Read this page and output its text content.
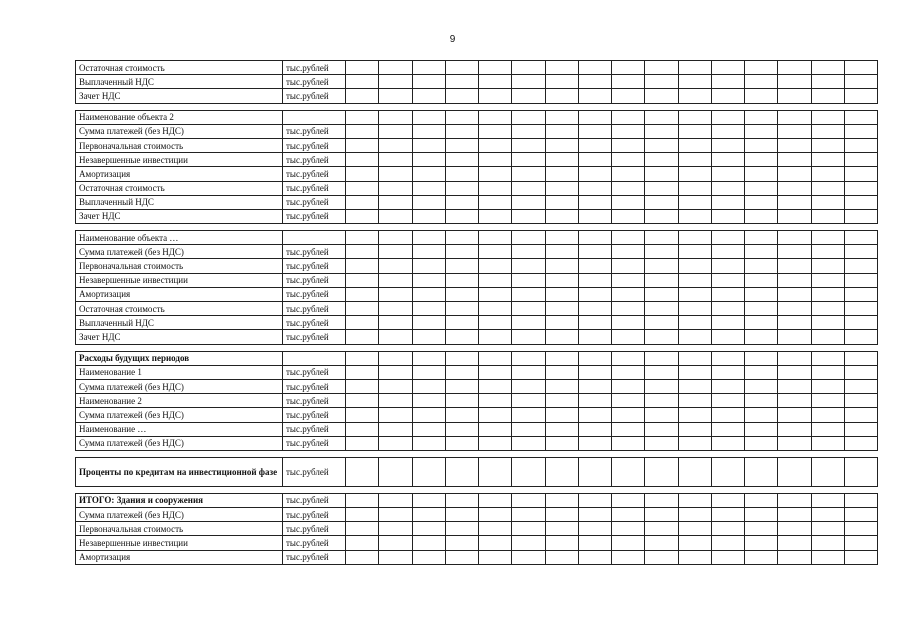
9
Остаточная стоимость	тыс.рублей																
Выплаченный НДС	тыс.рублей																
Зачет НДС	тыс.рублей																

Наименование объекта 2																	
Сумма платежей (без НДС)	тыс.рублей																
Первоначальная стоимость	тыс.рублей																
Незавершенные инвестиции	тыс.рублей																
Амортизация	тыс.рублей																
Остаточная стоимость	тыс.рублей																
Выплаченный НДС	тыс.рублей																
Зачет НДС	тыс.рублей																

Наименование объекта …																	
Сумма платежей (без НДС)	тыс.рублей																
Первоначальная стоимость	тыс.рублей																
Незавершенные инвестиции	тыс.рублей																
Амортизация	тыс.рублей																
Остаточная стоимость	тыс.рублей																
Выплаченный НДС	тыс.рублей																
Зачет НДС	тыс.рублей																

Расходы будущих периодов																	
Наименование 1	тыс.рублей																
Сумма платежей (без НДС)	тыс.рублей																
Наименование 2	тыс.рублей																
Сумма платежей (без НДС)	тыс.рублей																
Наименование …	тыс.рублей																
Сумма платежей (без НДС)	тыс.рублей																

Проценты по кредитам на инвестиционной фазе	тыс.рублей																

ИТОГО: Здания и сооружения	тыс.рублей																
Сумма платежей (без НДС)	тыс.рублей																
Первоначальная стоимость	тыс.рублей																
Незавершенные инвестиции	тыс.рублей																
Амортизация	тыс.рублей																
